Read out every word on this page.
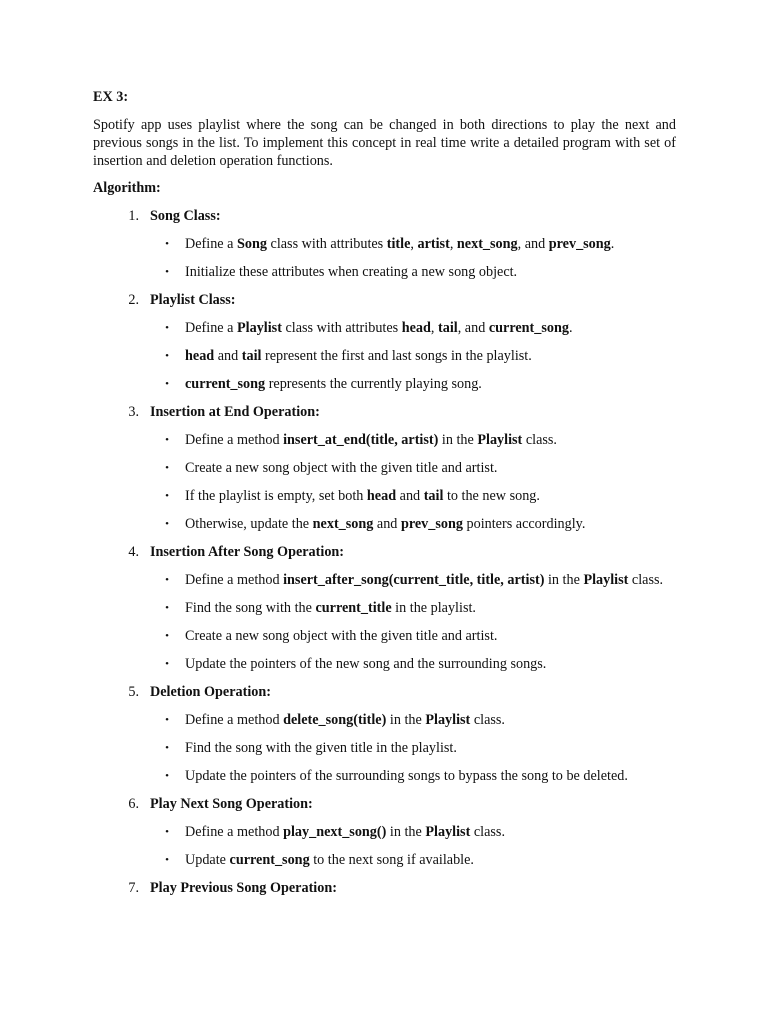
EX 3:
Spotify app uses playlist where the song can be changed in both directions to play the next and previous songs in the list. To implement this concept in real time write a detailed program with set of insertion and deletion operation functions.
Algorithm:
1. Song Class:
•	Define a Song class with attributes title, artist, next_song, and prev_song.
•	Initialize these attributes when creating a new song object.
2. Playlist Class:
•	Define a Playlist class with attributes head, tail, and current_song.
•	head and tail represent the first and last songs in the playlist.
•	current_song represents the currently playing song.
3. Insertion at End Operation:
•	Define a method insert_at_end(title, artist) in the Playlist class.
•	Create a new song object with the given title and artist.
•	If the playlist is empty, set both head and tail to the new song.
•	Otherwise, update the next_song and prev_song pointers accordingly.
4. Insertion After Song Operation:
•	Define a method insert_after_song(current_title, title, artist) in the Playlist class.
•	Find the song with the current_title in the playlist.
•	Create a new song object with the given title and artist.
•	Update the pointers of the new song and the surrounding songs.
5. Deletion Operation:
•	Define a method delete_song(title) in the Playlist class.
•	Find the song with the given title in the playlist.
•	Update the pointers of the surrounding songs to bypass the song to be deleted.
6. Play Next Song Operation:
•	Define a method play_next_song() in the Playlist class.
•	Update current_song to the next song if available.
7. Play Previous Song Operation:
